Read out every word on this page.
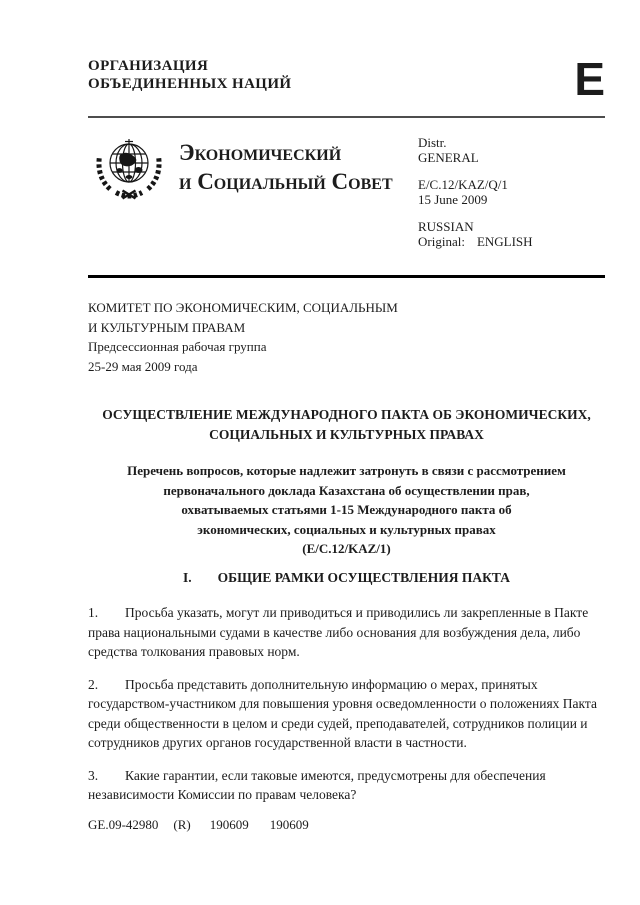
ОРГАНИЗАЦИЯ
ОБЪЕДИНЕННЫХ НАЦИЙ	E
Экономический
и Социальный Совет
Distr.
GENERAL
E/C.12/KAZ/Q/1
15 June 2009
RUSSIAN
Original: ENGLISH
КОМИТЕТ ПО ЭКОНОМИЧЕСКИМ, СОЦИАЛЬНЫМ
И КУЛЬТУРНЫМ ПРАВАМ
Предсессионная рабочая группа
25-29 мая 2009 года
ОСУЩЕСТВЛЕНИЕ МЕЖДУНАРОДНОГО ПАКТА ОБ ЭКОНОМИЧЕСКИХ,
СОЦИАЛЬНЫХ И КУЛЬТУРНЫХ ПРАВАХ
Перечень вопросов, которые надлежит затронуть в связи с рассмотрением
первоначального доклада Казахстана об осуществлении прав,
охватываемых статьями 1-15 Международного пакта об
экономических, социальных и культурных правах
(E/C.12/KAZ/1)
I. ОБЩИЕ РАМКИ ОСУЩЕСТВЛЕНИЯ ПАКТА

1. Просьба указать, могут ли приводиться и приводились ли закрепленные в Пакте права национальными судами в качестве либо основания для возбуждения дела, либо средства толкования правовых норм.

2. Просьба представить дополнительную информацию о мерах, принятых государством-участником для повышения уровня осведомленности о положениях Пакта среди общественности в целом и среди судей, преподавателей, сотрудников полиции и сотрудников других органов государственной власти в частности.

3. Какие гарантии, если таковые имеются, предусмотрены для обеспечения независимости Комиссии по правам человека?

GE.09-42980 (R) 190609 190609
